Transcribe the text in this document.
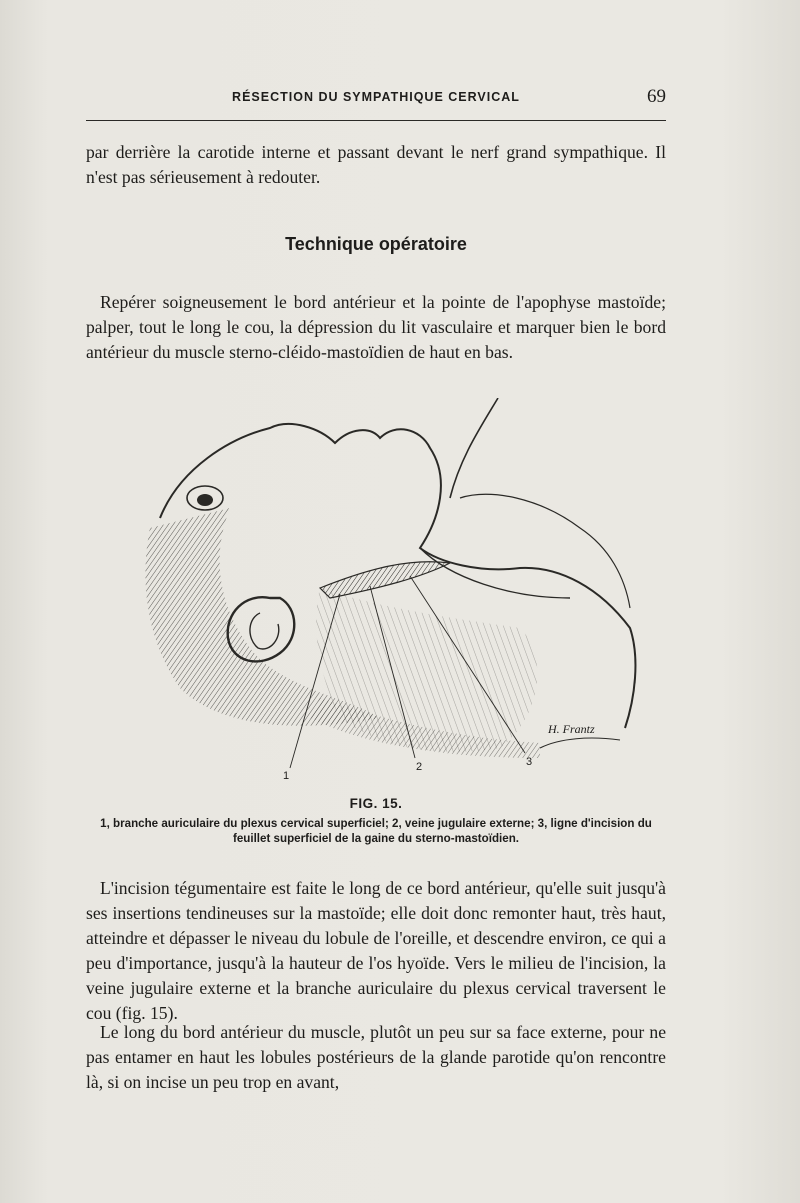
RÉSECTION DU SYMPATHIQUE CERVICAL	69

par derrière la carotide interne et passant devant le nerf grand sympathique. Il n'est pas sérieusement à redouter.

Technique opératoire

Repérer soigneusement le bord antérieur et la pointe de l'apophyse mastoïde; palper, tout le long le cou, la dépression du lit vasculaire et marquer bien le bord antérieur du muscle sterno-cléido-mastoïdien de haut en bas.

1
2	3
H. Frantz
FIG. 15.

1, branche auriculaire du plexus cervical superficiel; 2, veine jugulaire externe; 3, ligne d'incision du feuillet superficiel de la gaine du sterno-mastoïdien.

L'incision tégumentaire est faite le long de ce bord antérieur, qu'elle suit jusqu'à ses insertions tendineuses sur la mastoïde; elle doit donc remonter haut, très haut, atteindre et dépasser le niveau du lobule de l'oreille, et descendre environ, ce qui a peu d'importance, jusqu'à la hauteur de l'os hyoïde. Vers le milieu de l'incision, la veine jugulaire externe et la branche auriculaire du plexus cervical traversent le cou (fig. 15).

Le long du bord antérieur du muscle, plutôt un peu sur sa face externe, pour ne pas entamer en haut les lobules postérieurs de la glande parotide qu'on rencontre là, si on incise un peu trop en avant,
